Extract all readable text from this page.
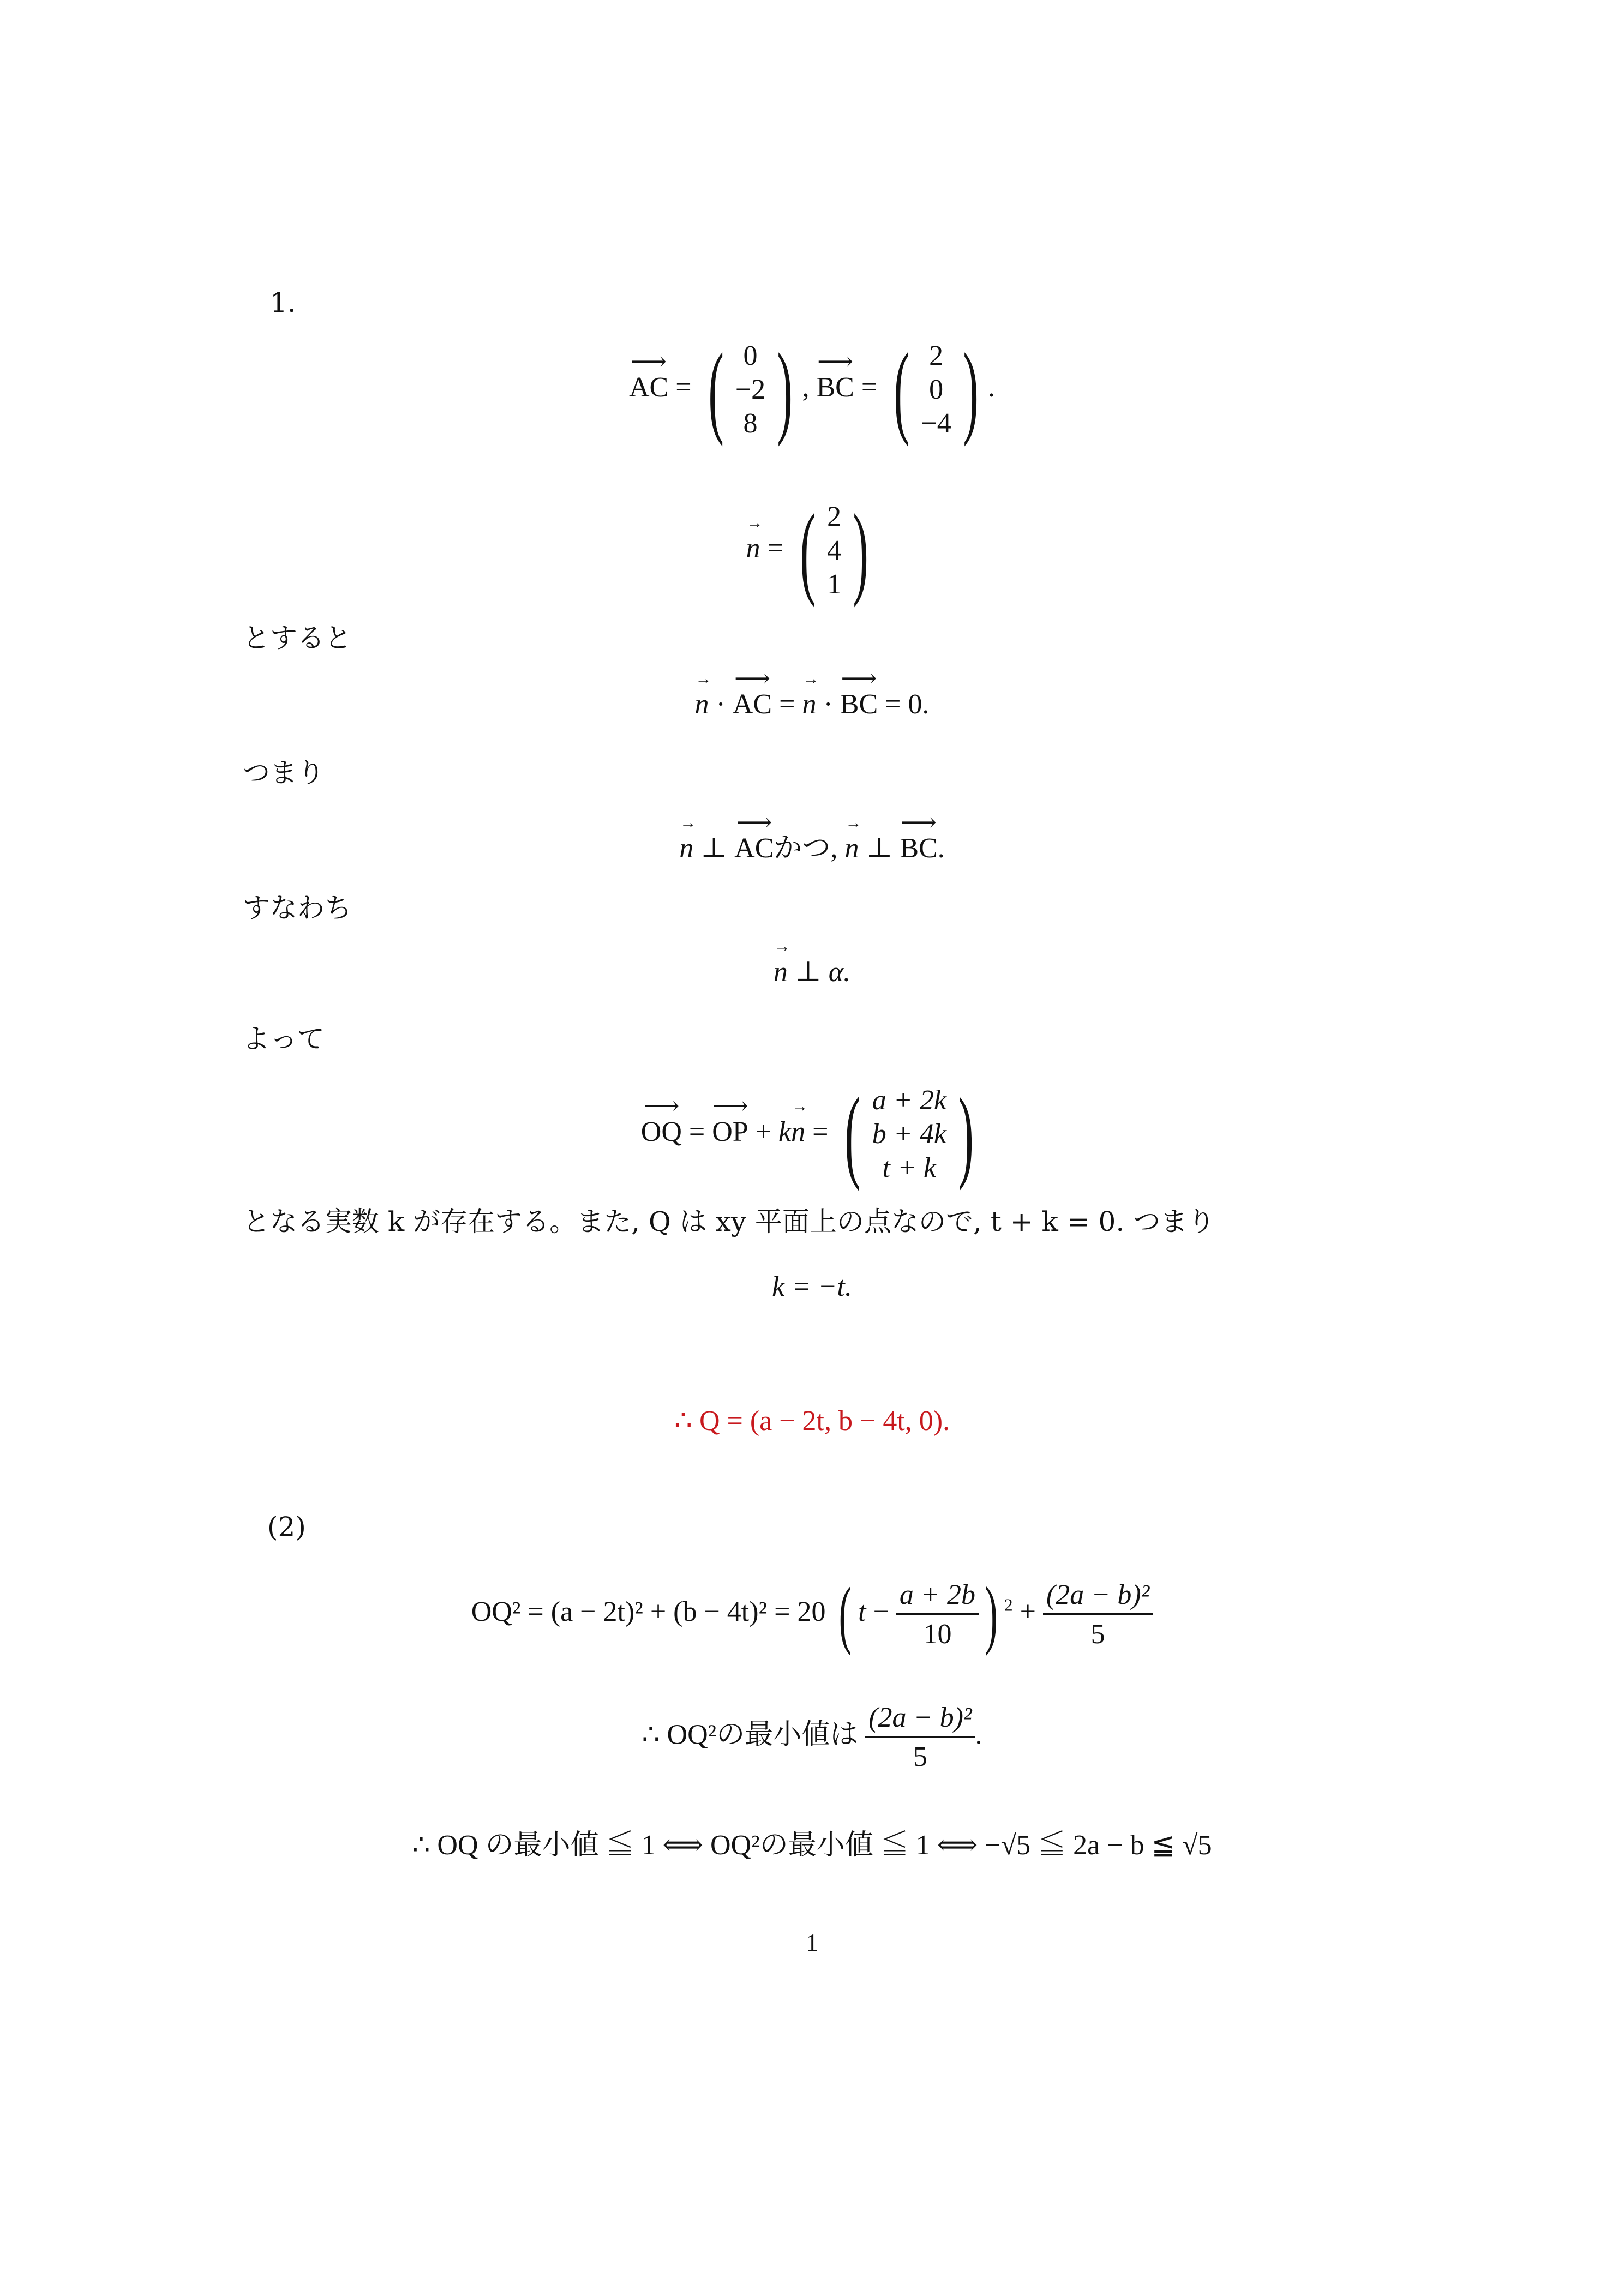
1.
⟶ AC = ( 0
−2
8 ) , ⟶ BC = ( 2
0
−4 ) .
→ n = ( 2
4
1 )
とすると
→ n · ⟶ AC = → n · ⟶ BC = 0.
つまり
→ n ⊥ ⟶ ACかつ, → n ⊥ ⟶ BC.
すなわち
→ n ⊥ α.
よって
⟶ OQ = ⟶ OP + k→ n = ( a + 2k
b + 4k
t + k )
となる実数 k が存在する。また, Q は xy 平面上の点なので, t + k = 0. つまり
k = −t.
∴ Q = (a − 2t, b − 4t, 0).
(2)
OQ² = (a − 2t)² + (b − 4t)² = 20 ( $t - \frac{a + 2b}{10}$ ) $^2 + \frac{\text{(2a − b)²}}{5}$
∴ OQ²の最小値は $\frac{\text{(2a − b)²}}{5}$ .
∴ OQ の最小値 ≦ 1 ⟺ OQ²の最小値 ≦ 1 ⟺ −√5 ≦ 2a − b ≦ √5
1
